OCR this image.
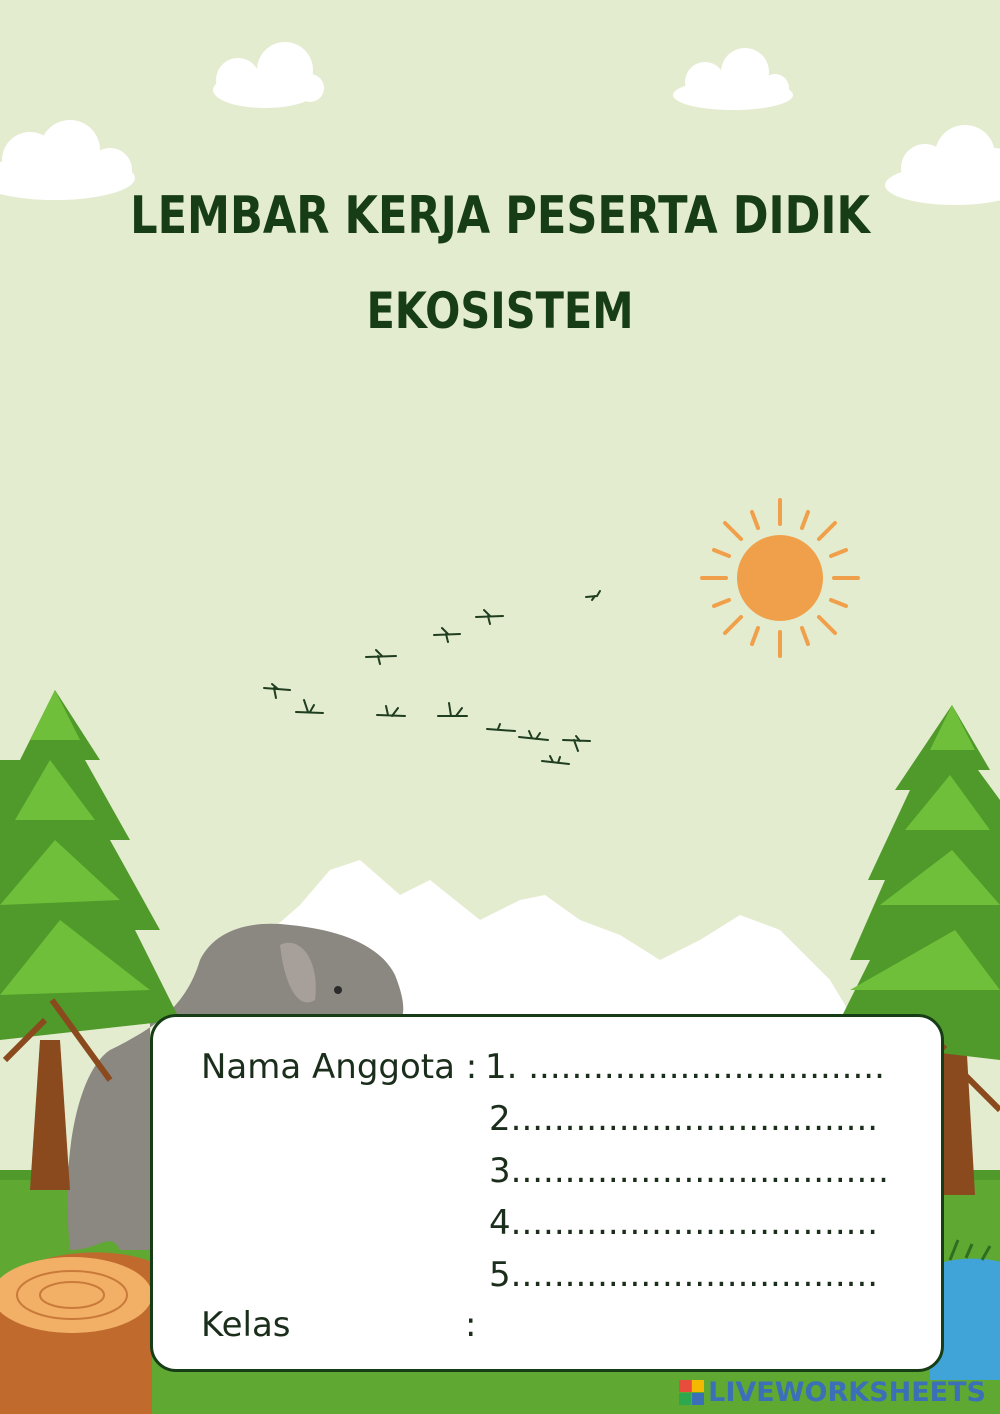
LEMBAR KERJA PESERTA DIDIK
EKOSISTEM
Nama Anggota : 1. .................................
2..................................
3...................................
4..................................
5..................................
Kelas	:
LIVEWORKSHEETS
